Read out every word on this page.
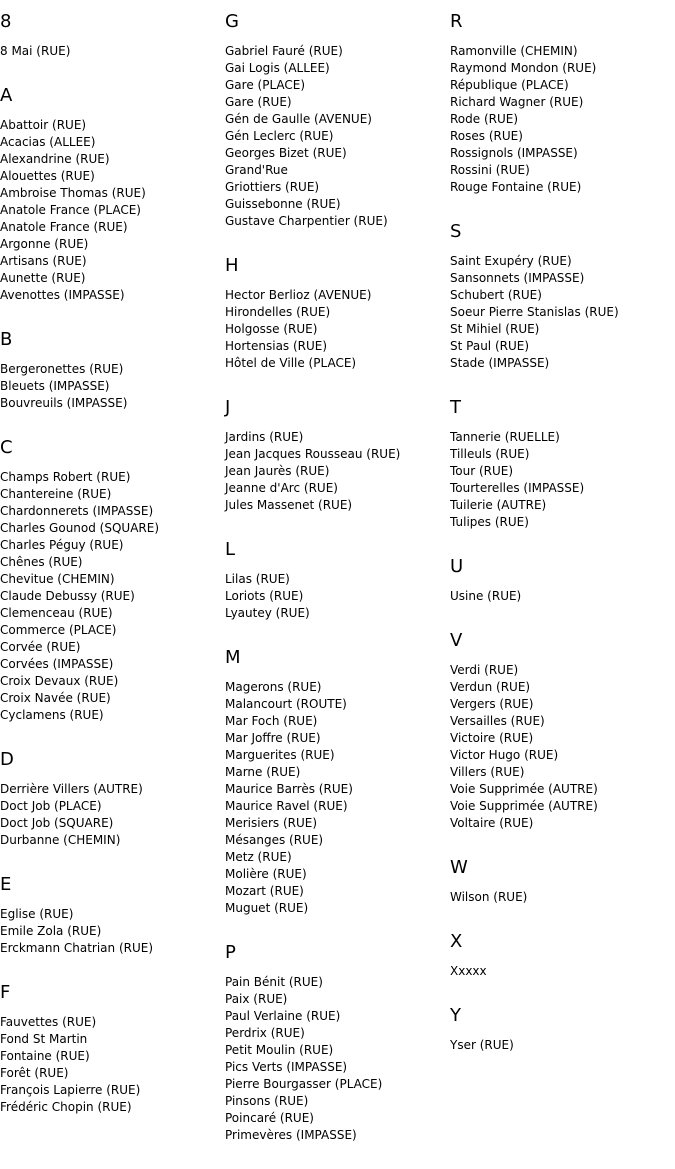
8
8 Mai (RUE)
A
Abattoir (RUE)
Acacias (ALLEE)
Alexandrine (RUE)
Alouettes (RUE)
Ambroise Thomas (RUE)
Anatole France (PLACE)
Anatole France (RUE)
Argonne (RUE)
Artisans (RUE)
Aunette (RUE)
Avenottes (IMPASSE)
B
Bergeronettes (RUE)
Bleuets (IMPASSE)
Bouvreuils (IMPASSE)
C
Champs Robert (RUE)
Chantereine (RUE)
Chardonnerets (IMPASSE)
Charles Gounod (SQUARE)
Charles Péguy (RUE)
Chênes (RUE)
Chevitue (CHEMIN)
Claude Debussy (RUE)
Clemenceau (RUE)
Commerce (PLACE)
Corvée (RUE)
Corvées (IMPASSE)
Croix Devaux (RUE)
Croix Navée (RUE)
Cyclamens (RUE)
D
Derrière Villers (AUTRE)
Doct Job (PLACE)
Doct Job (SQUARE)
Durbanne (CHEMIN)
E
Eglise (RUE)
Emile Zola (RUE)
Erckmann Chatrian (RUE)
F
Fauvettes (RUE)
Fond St Martin
Fontaine (RUE)
Forêt (RUE)
François Lapierre (RUE)
Frédéric Chopin (RUE)
G
Gabriel Fauré (RUE)
Gai Logis (ALLEE)
Gare (PLACE)
Gare (RUE)
Gén de Gaulle (AVENUE)
Gén Leclerc (RUE)
Georges Bizet (RUE)
Grand'Rue
Griottiers (RUE)
Guissebonne (RUE)
Gustave Charpentier (RUE)
H
Hector Berlioz (AVENUE)
Hirondelles (RUE)
Holgosse (RUE)
Hortensias (RUE)
Hôtel de Ville (PLACE)
J
Jardins (RUE)
Jean Jacques Rousseau (RUE)
Jean Jaurès (RUE)
Jeanne d'Arc (RUE)
Jules Massenet (RUE)
L
Lilas (RUE)
Loriots (RUE)
Lyautey (RUE)
M
Magerons (RUE)
Malancourt (ROUTE)
Mar Foch (RUE)
Mar Joffre (RUE)
Marguerites (RUE)
Marne (RUE)
Maurice Barrès (RUE)
Maurice Ravel (RUE)
Merisiers (RUE)
Mésanges (RUE)
Metz (RUE)
Molière (RUE)
Mozart (RUE)
Muguet (RUE)
P
Pain Bénit (RUE)
Paix (RUE)
Paul Verlaine (RUE)
Perdrix (RUE)
Petit Moulin (RUE)
Pics Verts (IMPASSE)
Pierre Bourgasser (PLACE)
Pinsons (RUE)
Poincaré (RUE)
Primevères (IMPASSE)
R
Ramonville (CHEMIN)
Raymond Mondon (RUE)
République (PLACE)
Richard Wagner (RUE)
Rode (RUE)
Roses (RUE)
Rossignols (IMPASSE)
Rossini (RUE)
Rouge Fontaine (RUE)
S
Saint Exupéry (RUE)
Sansonnets (IMPASSE)
Schubert (RUE)
Soeur Pierre Stanislas (RUE)
St Mihiel (RUE)
St Paul (RUE)
Stade (IMPASSE)
T
Tannerie (RUELLE)
Tilleuls (RUE)
Tour (RUE)
Tourterelles (IMPASSE)
Tuilerie (AUTRE)
Tulipes (RUE)
U
Usine (RUE)
V
Verdi (RUE)
Verdun (RUE)
Vergers (RUE)
Versailles (RUE)
Victoire (RUE)
Victor Hugo (RUE)
Villers (RUE)
Voie Supprimée (AUTRE)
Voie Supprimée (AUTRE)
Voltaire (RUE)
W
Wilson (RUE)
X
Xxxxx
Y
Yser (RUE)
